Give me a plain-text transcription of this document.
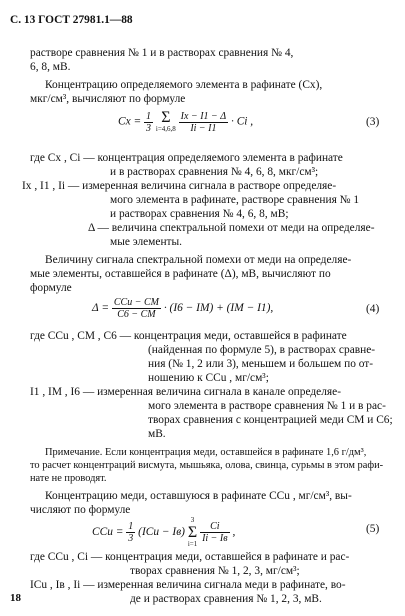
С. 13 ГОСТ 27981.1—88
раствоpе сравнения № 1 и в растворах сравнения № 4,
6, 8, мВ.
Концентрацию определяемого элемента в рафинате (Cx),
мкг/см³, вычисляют по формуле
$Cx = \frac{1}{3}$
Σ
i=4,6,8
$\frac{Ix - I1 - \Delta}{Ii - I1} \cdot Ci$ ,	(3)
где Cx , Ci — концентрация определяемого элемента в рафинате
и в растворах сравнения № 4, 6, 8, мкг/см³;
Ix , I1 , Ii — измеренная величина сигнала в растворе определяе-
мого элемента в рафинате, растворе сравнения № 1
и растворах сравнения № 4, 6, 8, мВ;
Δ — величина спектральной помехи от меди на определяе-
мые элементы.
Величину сигнала спектральной помехи от меди на определяе-
мые элементы, оставшейся в рафинате (Δ), мВ, вычисляют по
формуле
$\Delta = \frac{\text{CCu − CM}}{C6 - CM} \cdot (I6 - IM) + (IM - I1)$,	(4)
где CCu , CM , C6 — концентрация меди, оставшейся в рафинате
(найденная по формуле 5), в растворах сравне-
ния (№ 1, 2 или 3), меньшем и большем по от-
ношению к CCu , мг/см³;
I1 , IM , I6 — измеренная величина сигнала в канале определяе-
мого элемента в растворе сравнения № 1 и в рас-
творах сравнения с концентрацией меди CM и C6;
мВ.
Примечание. Если концентрация меди, оставшейся в рафинате 1,6 г/дм³,
то расчет концентраций висмута, мышьяка, олова, свинца, сурьмы в этом рафи-
нате не проводят.
Концентрацию меди, оставшуюся в рафинате CCu , мг/см³, вы-
числяют по формуле
CCu = $\frac{1}{3} (ICu - Iв)$
3
Σ
i=1
$\frac{Ci}{Ii - Iв}$ ,	(5)
где CCu , Ci — концентрация меди, оставшейся в рафинате и рас-
творах сравнения № 1, 2, 3, мг/см³;
ICu , Iв , Ii — измеренная величина сигнала меди в рафинате, во-
де и растворах сравнения № 1, 2, 3, мВ.
18
